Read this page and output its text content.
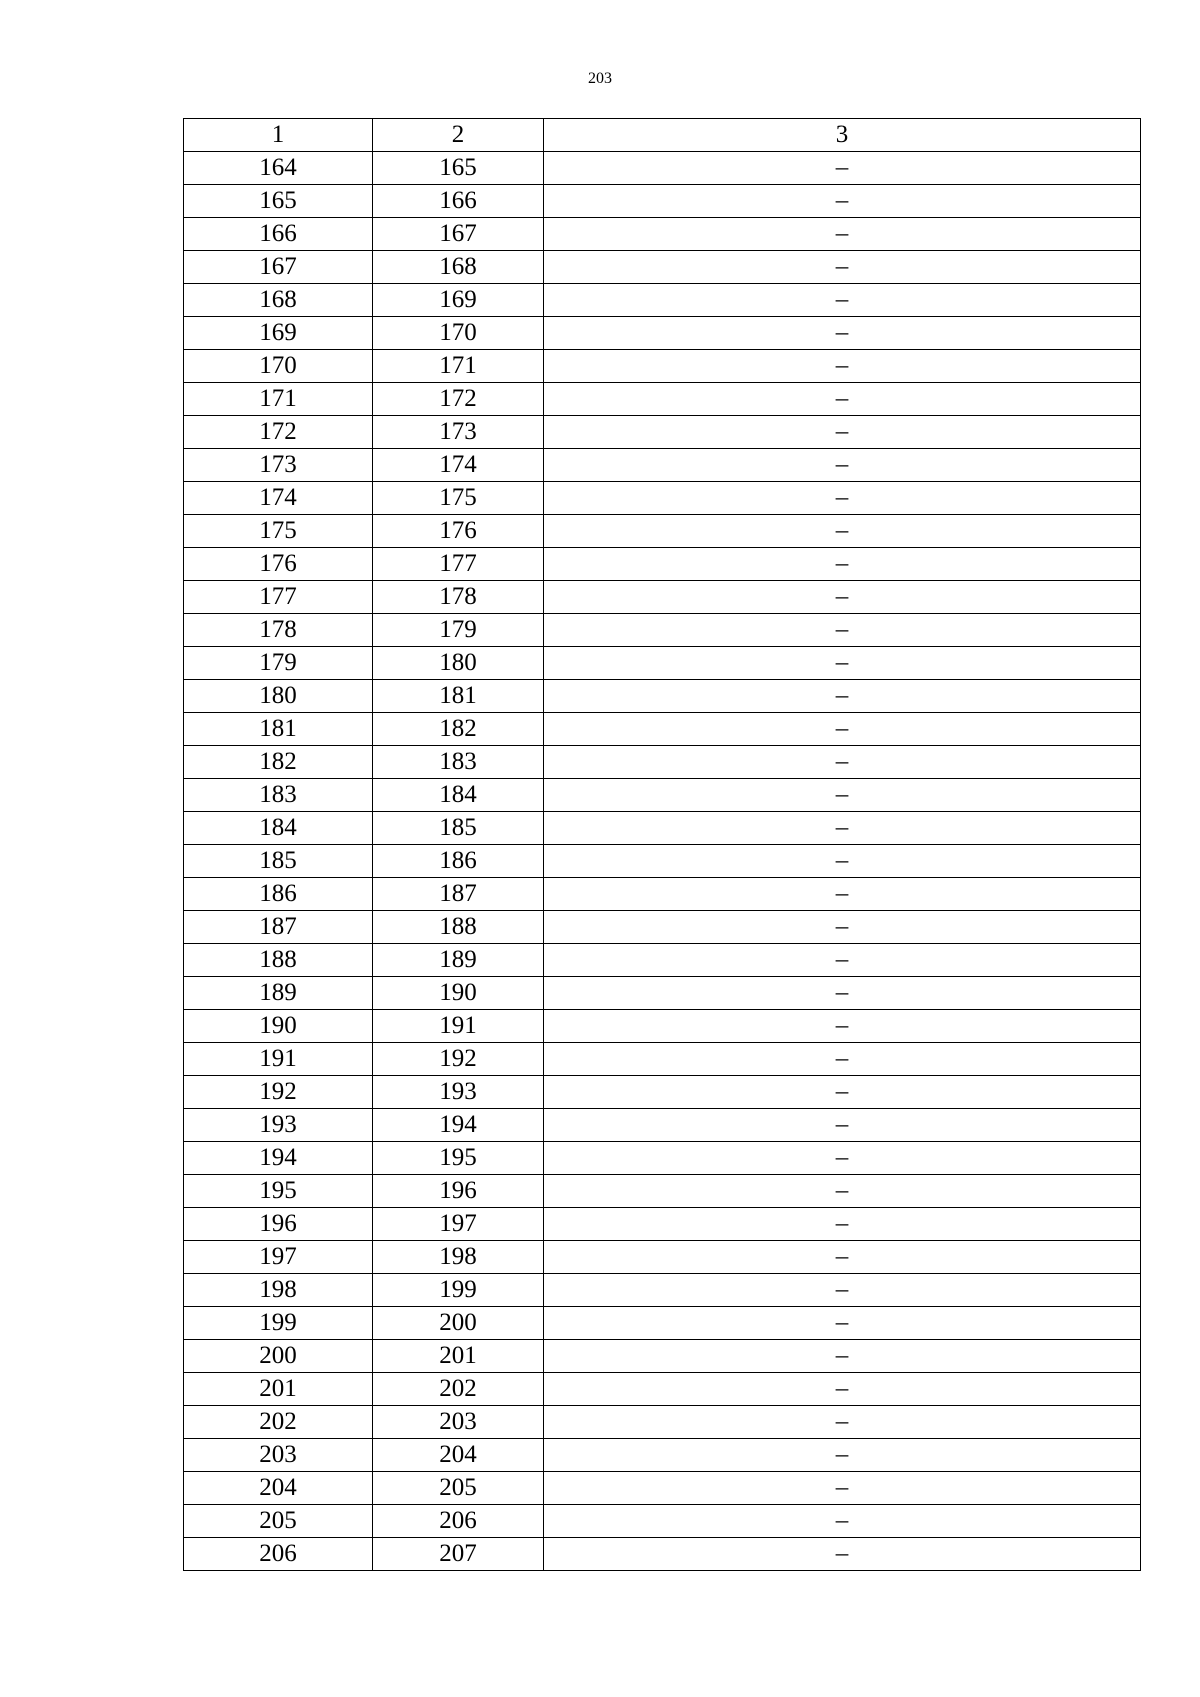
203
1	2	3
164	165	–
165	166	–
166	167	–
167	168	–
168	169	–
169	170	–
170	171	–
171	172	–
172	173	–
173	174	–
174	175	–
175	176	–
176	177	–
177	178	–
178	179	–
179	180	–
180	181	–
181	182	–
182	183	–
183	184	–
184	185	–
185	186	–
186	187	–
187	188	–
188	189	–
189	190	–
190	191	–
191	192	–
192	193	–
193	194	–
194	195	–
195	196	–
196	197	–
197	198	–
198	199	–
199	200	–
200	201	–
201	202	–
202	203	–
203	204	–
204	205	–
205	206	–
206	207	–
